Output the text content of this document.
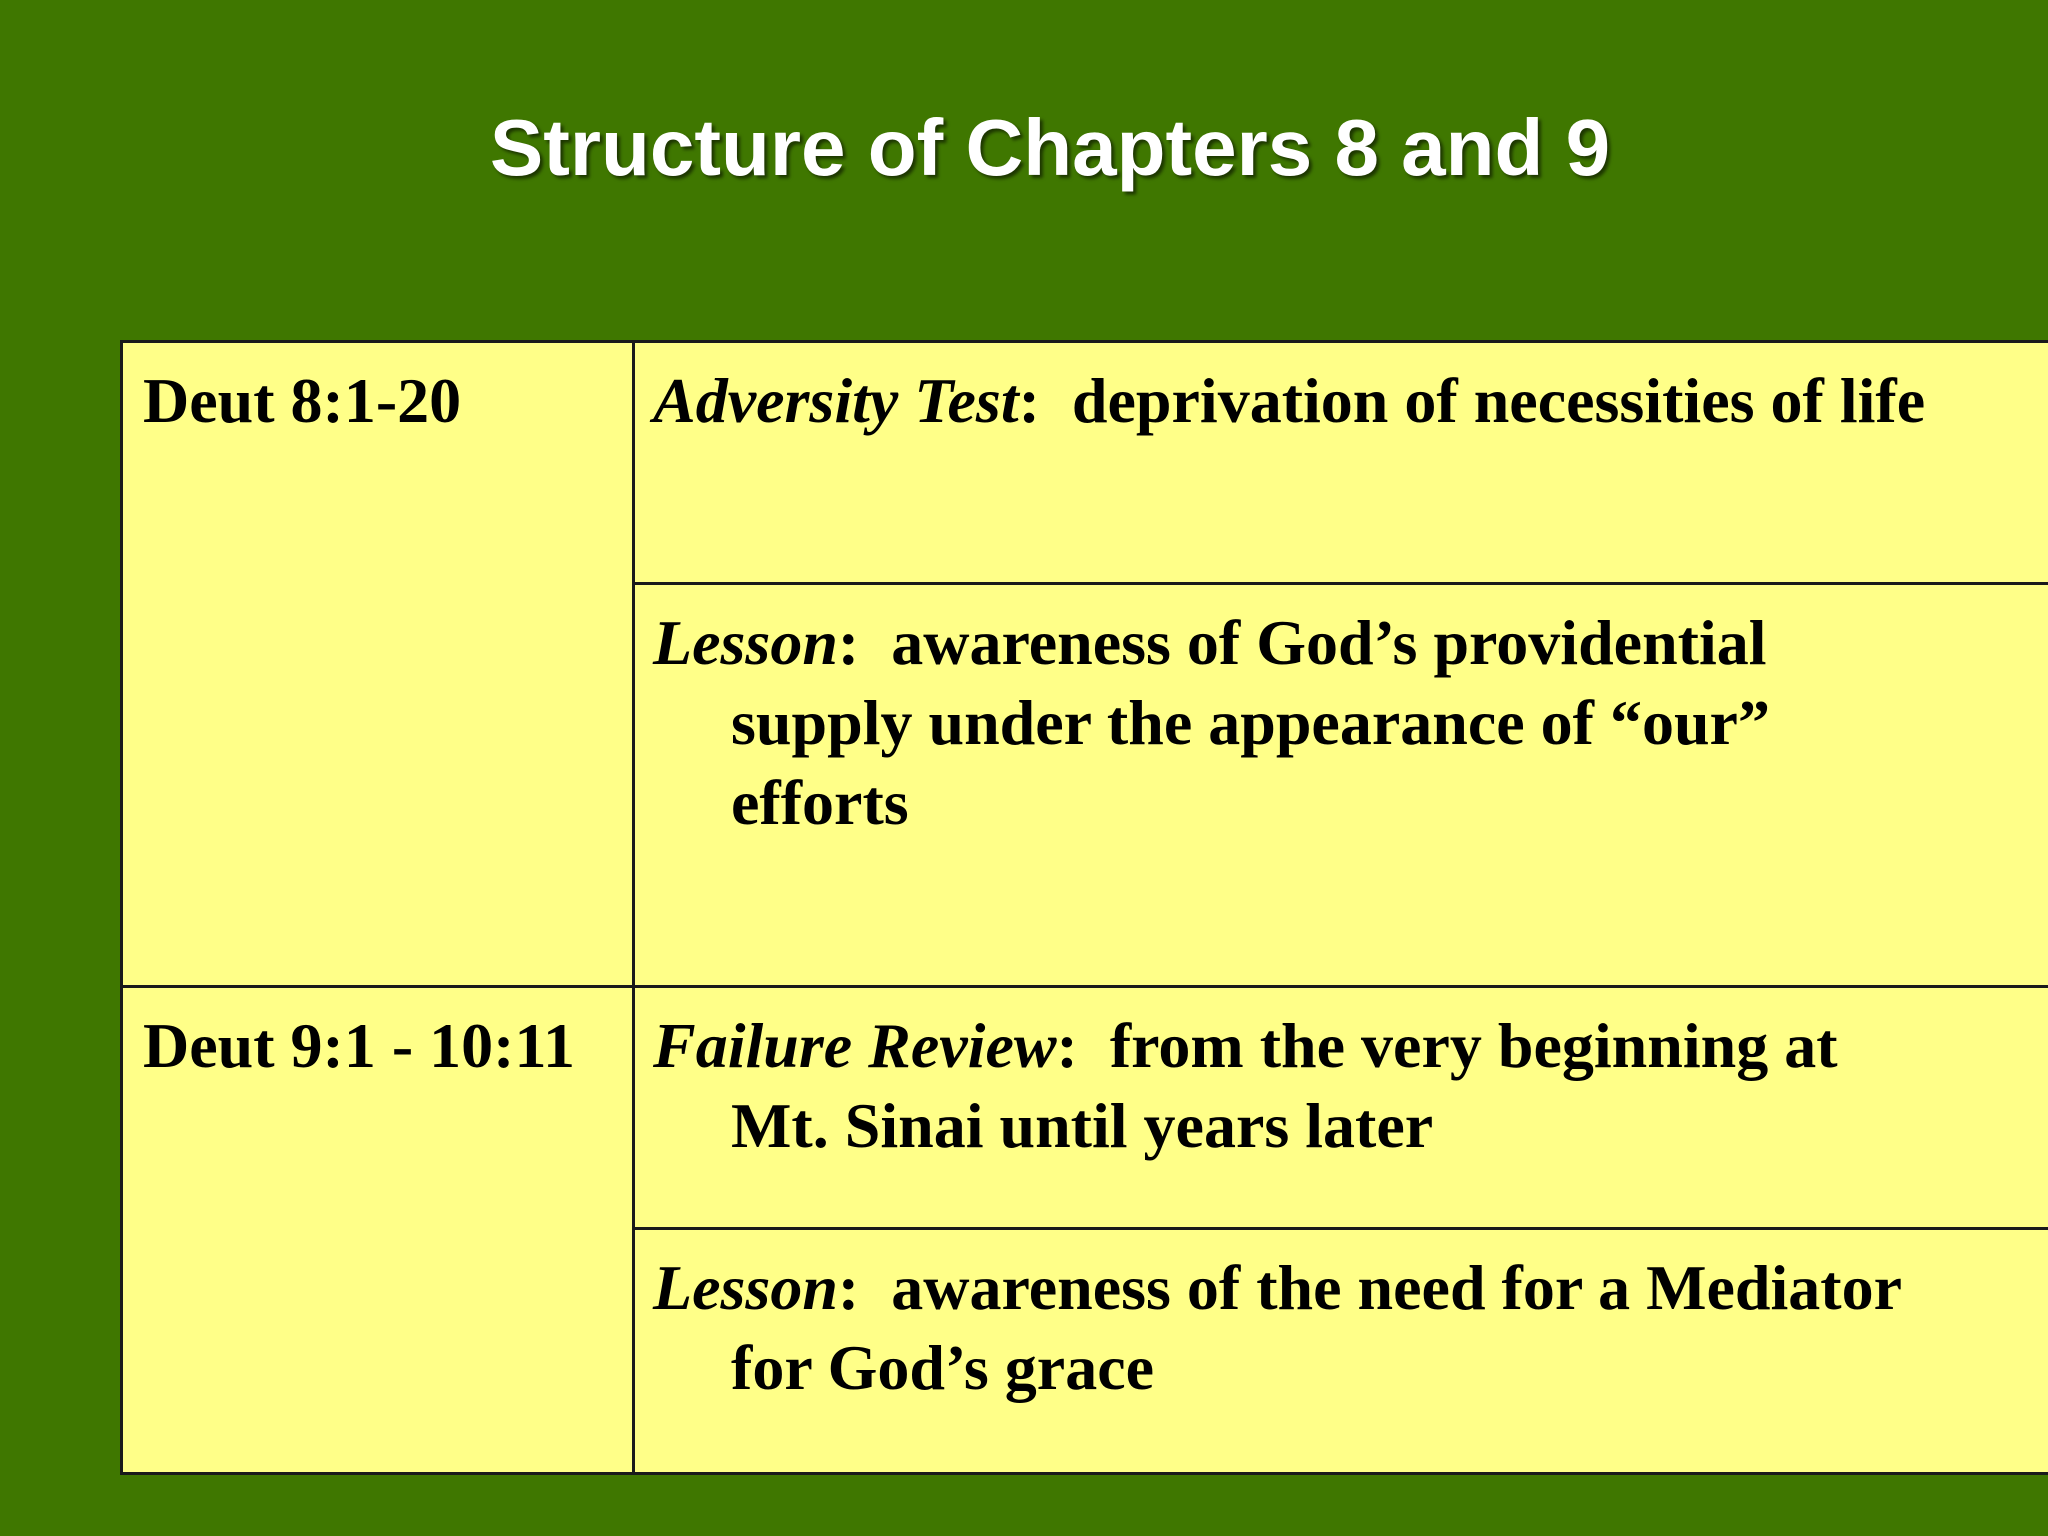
Structure of Chapters 8 and 9
Deut 8:1-20	Adversity Test: deprivation of necessities of life

	Lesson: awareness of God’s providential
supply under the appearance of “our”
efforts

Deut 9:1 - 10:11	Failure Review: from the very beginning at
Mt. Sinai until years later

	Lesson: awareness of the need for a Mediator
for God’s grace
